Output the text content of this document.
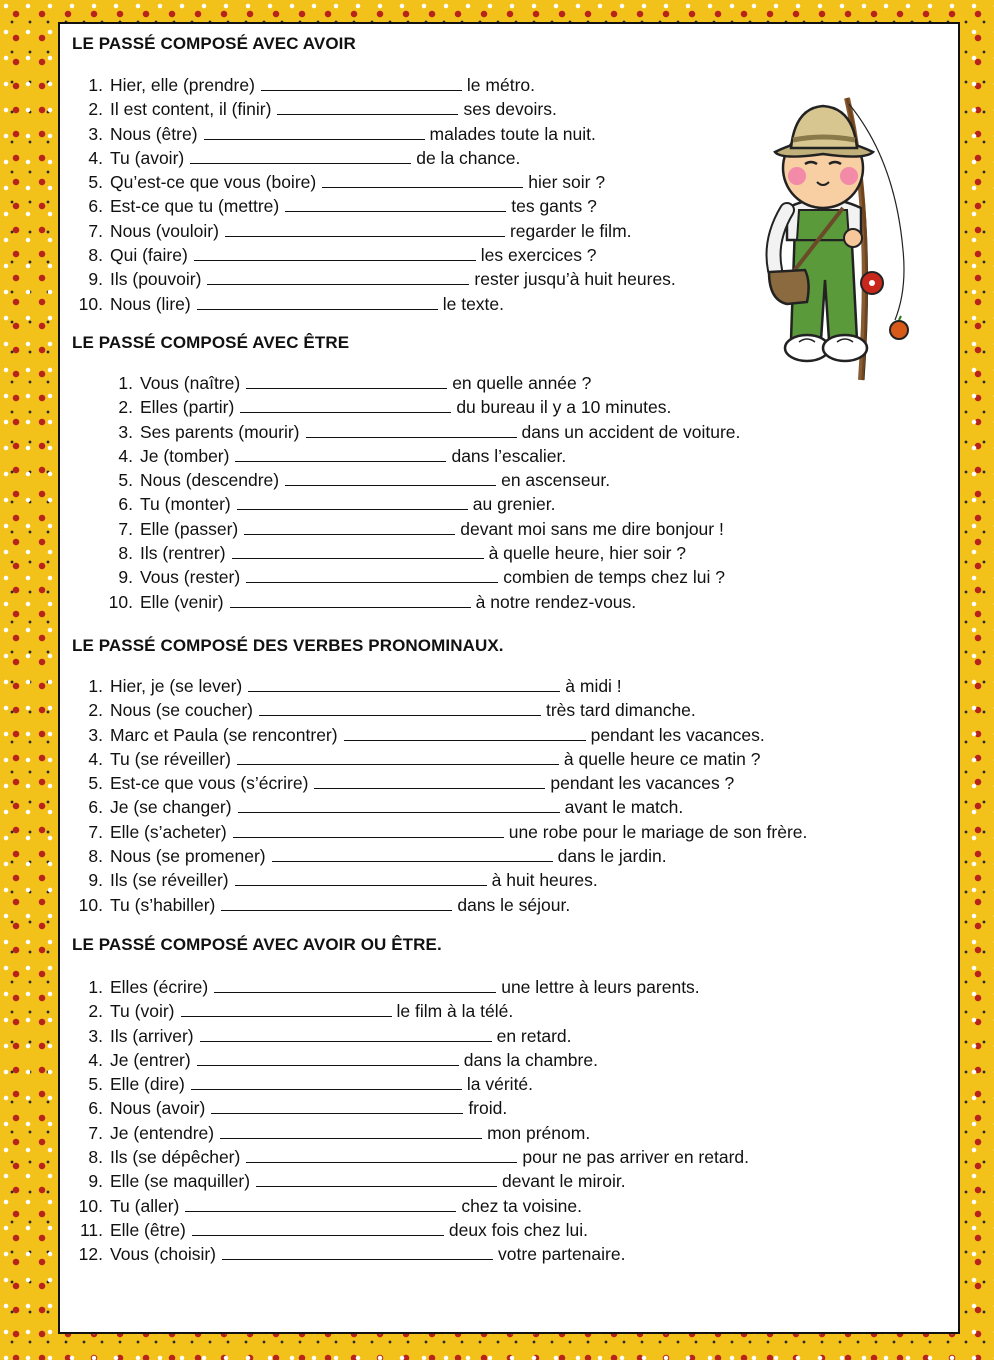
LE PASSÉ COMPOSÉ AVEC AVOIR
1. Hier, elle (prendre)	le métro.
2. Il est content, il (finir)	ses devoirs.
3. Nous (être)	malades toute la nuit.
4. Tu (avoir)	de la chance.
5. Qu’est-ce que vous (boire)	hier soir ?
6. Est-ce que tu (mettre)	tes gants ?
7. Nous (vouloir)	regarder le film.
8. Qui (faire)	les exercices ?
9. Ils (pouvoir)	rester jusqu’à huit heures.
10. Nous (lire)	le texte.
LE PASSÉ COMPOSÉ AVEC ÊTRE
1. Vous (naître)	en quelle année ?
2. Elles (partir)	du bureau il y a 10 minutes.
3. Ses parents (mourir)	dans un accident de voiture.
4. Je (tomber)	dans l’escalier.
5. Nous (descendre)	en ascenseur.
6. Tu (monter)	au grenier.
7. Elle (passer)	devant moi sans me dire bonjour !
8. Ils (rentrer)	à quelle heure, hier soir ?
9. Vous (rester)	combien de temps chez lui ?
10. Elle (venir)	à notre rendez-vous.
LE PASSÉ COMPOSÉ DES VERBES PRONOMINAUX.
1. Hier, je (se lever)	à midi !
2. Nous (se coucher)	très tard dimanche.
3. Marc et Paula (se rencontrer)	pendant les vacances.
4. Tu (se réveiller)	à quelle heure ce matin ?
5. Est-ce que vous (s’écrire)	pendant les vacances ?
6. Je (se changer)	avant le match.
7. Elle (s’acheter)	une robe pour le mariage de son frère.
8. Nous (se promener)	dans le jardin.
9. Ils (se réveiller)	à huit heures.
10. Tu (s’habiller)	dans le séjour.
LE PASSÉ COMPOSÉ AVEC AVOIR OU ÊTRE.
1. Elles (écrire)	une lettre à leurs parents.
2. Tu (voir)	le film à la télé.
3. Ils (arriver)	en retard.
4. Je (entrer)	dans la chambre.
5. Elle (dire)	la vérité.
6. Nous (avoir)	froid.
7. Je (entendre)	mon prénom.
8. Ils (se dépêcher)	pour ne pas arriver en retard.
9. Elle (se maquiller)	devant le miroir.
10. Tu (aller)	chez ta voisine.
11. Elle (être)	deux fois chez lui.
12. Vous (choisir)	votre partenaire.
